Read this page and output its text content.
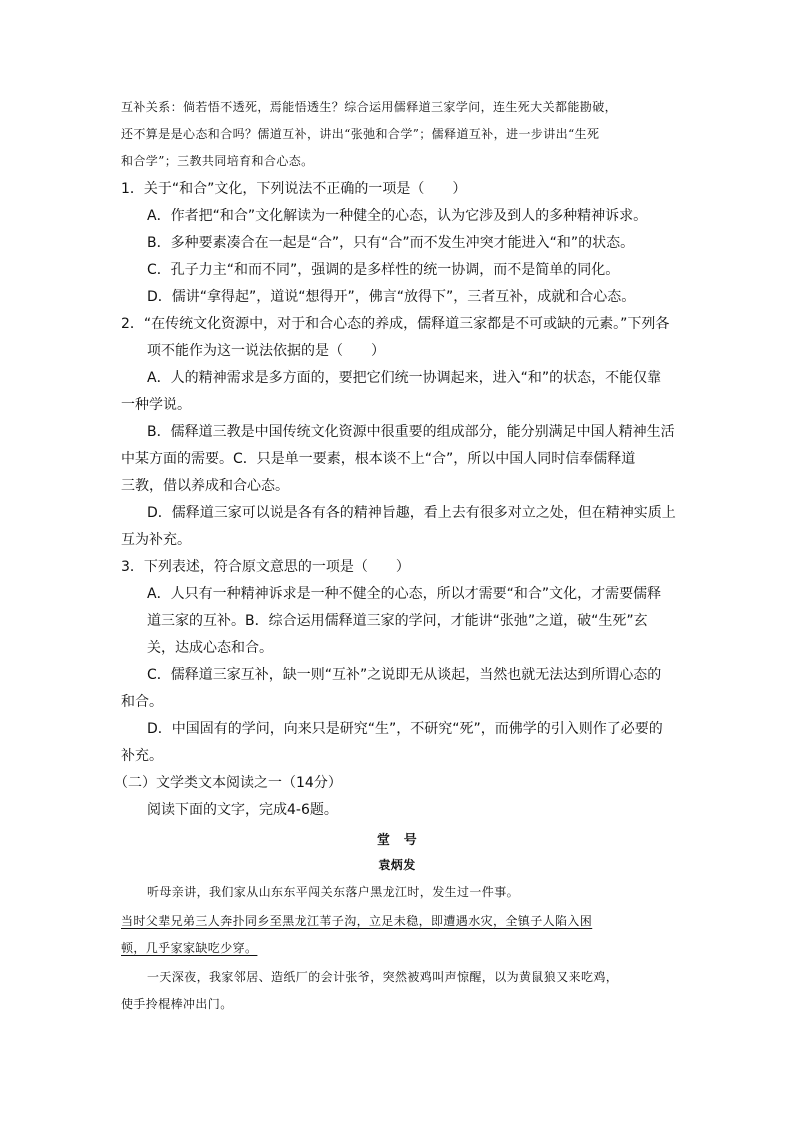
互补关系：倘若悟不透死，焉能悟透生？综合运用儒释道三家学问，连生死大关都能勘破，
还不算是是心态和合吗？儒道互补，讲出“张弛和合学”；儒释道互补，进一步讲出“生死
和合学”；三教共同培育和合心态。
1．关于“和合”文化，下列说法不正确的一项是（　　）
A．作者把“和合”文化解读为一种健全的心态，认为它涉及到人的多种精神诉求。
B．多种要素凑合在一起是“合”，只有“合”而不发生冲突才能进入“和”的状态。
C．孔子力主“和而不同”，强调的是多样性的统一协调，而不是简单的同化。
D．儒讲“拿得起”，道说“想得开”，佛言“放得下”，三者互补，成就和合心态。
2．“在传统文化资源中，对于和合心态的养成，儒释道三家都是不可或缺的元素。”下列各
项不能作为这一说法依据的是（　　）
A．人的精神需求是多方面的，要把它们统一协调起来，进入“和”的状态，不能仅靠
一种学说。
B．儒释道三教是中国传统文化资源中很重要的组成部分，能分别满足中国人精神生活
中某方面的需要。C．只是单一要素，根本谈不上“合”，所以中国人同时信奉儒释道
三教，借以养成和合心态。
D．儒释道三家可以说是各有各的精神旨趣，看上去有很多对立之处，但在精神实质上
互为补充。
3．下列表述，符合原文意思的一项是（　　）
A．人只有一种精神诉求是一种不健全的心态，所以才需要“和合”文化，才需要儒释
道三家的互补。B．综合运用儒释道三家的学问，才能讲“张弛”之道，破“生死”玄
关，达成心态和合。
C．儒释道三家互补，缺一则“互补”之说即无从谈起，当然也就无法达到所谓心态的
和合。
D．中国固有的学问，向来只是研究“生”，不研究“死”，而佛学的引入则作了必要的
补充。
（二）文学类文本阅读之一（14分）
阅读下面的文字，完成4-6题。
堂　号
袁炳发
听母亲讲，我们家从山东东平闯关东落户黑龙江时，发生过一件事。
当时父辈兄弟三人奔扑同乡至黑龙江苇子沟，立足未稳，即遭遇水灾，全镇子人陷入困
顿，几乎家家缺吃少穿。
一天深夜，我家邻居、造纸厂的会计张爷，突然被鸡叫声惊醒，以为黄鼠狼又来吃鸡，
使手拎棍棒冲出门。
